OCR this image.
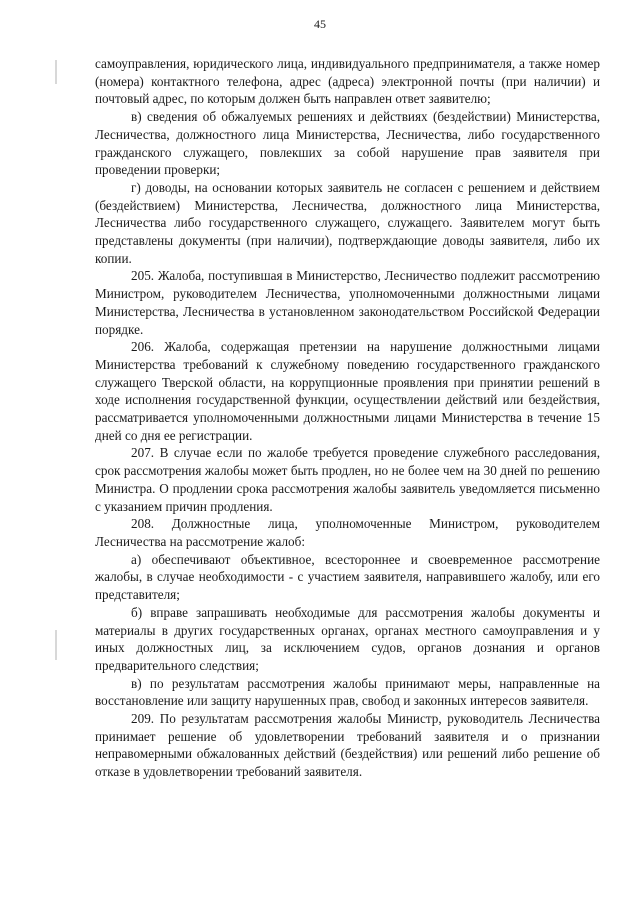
45

самоуправления, юридического лица, индивидуального предпринимателя, а также номер (номера) контактного телефона, адрес (адреса) электронной почты (при наличии) и почтовый адрес, по которым должен быть направлен ответ заявителю;

в) сведения об обжалуемых решениях и действиях (бездействии) Министерства, Лесничества, должностного лица Министерства, Лесничества, либо государственного гражданского служащего, повлекших за собой нарушение прав заявителя при проведении проверки;

г) доводы, на основании которых заявитель не согласен с решением и действием (бездействием) Министерства, Лесничества, должностного лица Министерства, Лесничества либо государственного служащего, служащего. Заявителем могут быть представлены документы (при наличии), подтверждающие доводы заявителя, либо их копии.

205. Жалоба, поступившая в Министерство, Лесничество подлежит рассмотрению Министром, руководителем Лесничества, уполномоченными должностными лицами Министерства, Лесничества в установленном законодательством Российской Федерации порядке.

206. Жалоба, содержащая претензии на нарушение должностными лицами Министерства требований к служебному поведению государственного гражданского служащего Тверской области, на коррупционные проявления при принятии решений в ходе исполнения государственной функции, осуществлении действий или бездействия, рассматривается уполномоченными должностными лицами Министерства в течение 15 дней со дня ее регистрации.

207. В случае если по жалобе требуется проведение служебного расследования, срок рассмотрения жалобы может быть продлен, но не более чем на 30 дней по решению Министра. О продлении срока рассмотрения жалобы заявитель уведомляется письменно с указанием причин продления.

208. Должностные лица, уполномоченные Министром, руководителем Лесничества на рассмотрение жалоб:

а) обеспечивают объективное, всестороннее и своевременное рассмотрение жалобы, в случае необходимости - с участием заявителя, направившего жалобу, или его представителя;

б) вправе запрашивать необходимые для рассмотрения жалобы документы и материалы в других государственных органах, органах местного самоуправления и у иных должностных лиц, за исключением судов, органов дознания и органов предварительного следствия;

в) по результатам рассмотрения жалобы принимают меры, направленные на восстановление или защиту нарушенных прав, свобод и законных интересов заявителя.

209. По результатам рассмотрения жалобы Министр, руководитель Лесничества принимает решение об удовлетворении требований заявителя и о признании неправомерными обжалованных действий (бездействия) или решений либо решение об отказе в удовлетворении требований заявителя.
